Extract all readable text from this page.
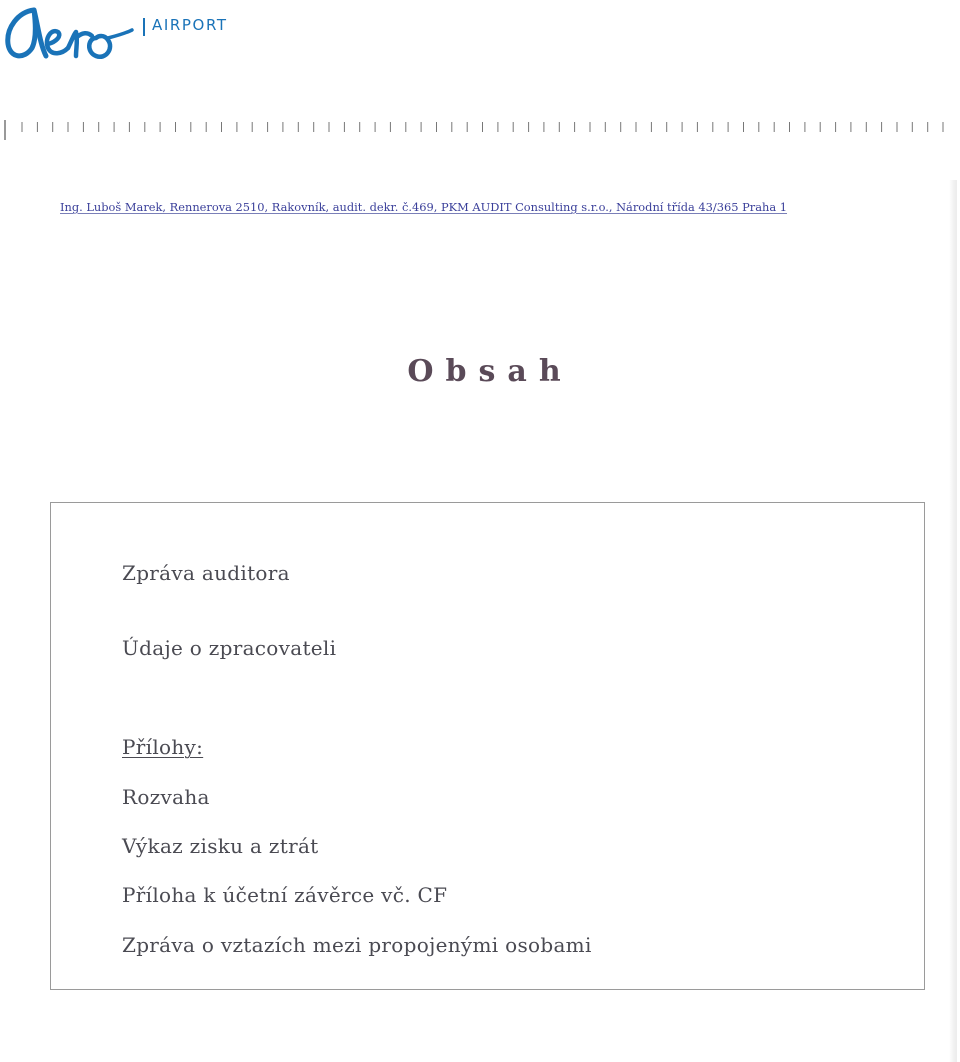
AIRPORT
Ing. Luboš Marek, Rennerova 2510, Rakovník, audit. dekr. č.469, PKM AUDIT Consulting s.r.o., Národní třída 43/365 Praha 1
Obsah
Zpráva auditora
Údaje o zpracovateli
Přílohy:
Rozvaha
Výkaz zisku a ztrát
Příloha k účetní závěrce vč. CF
Zpráva o vztazích mezi propojenými osobami
